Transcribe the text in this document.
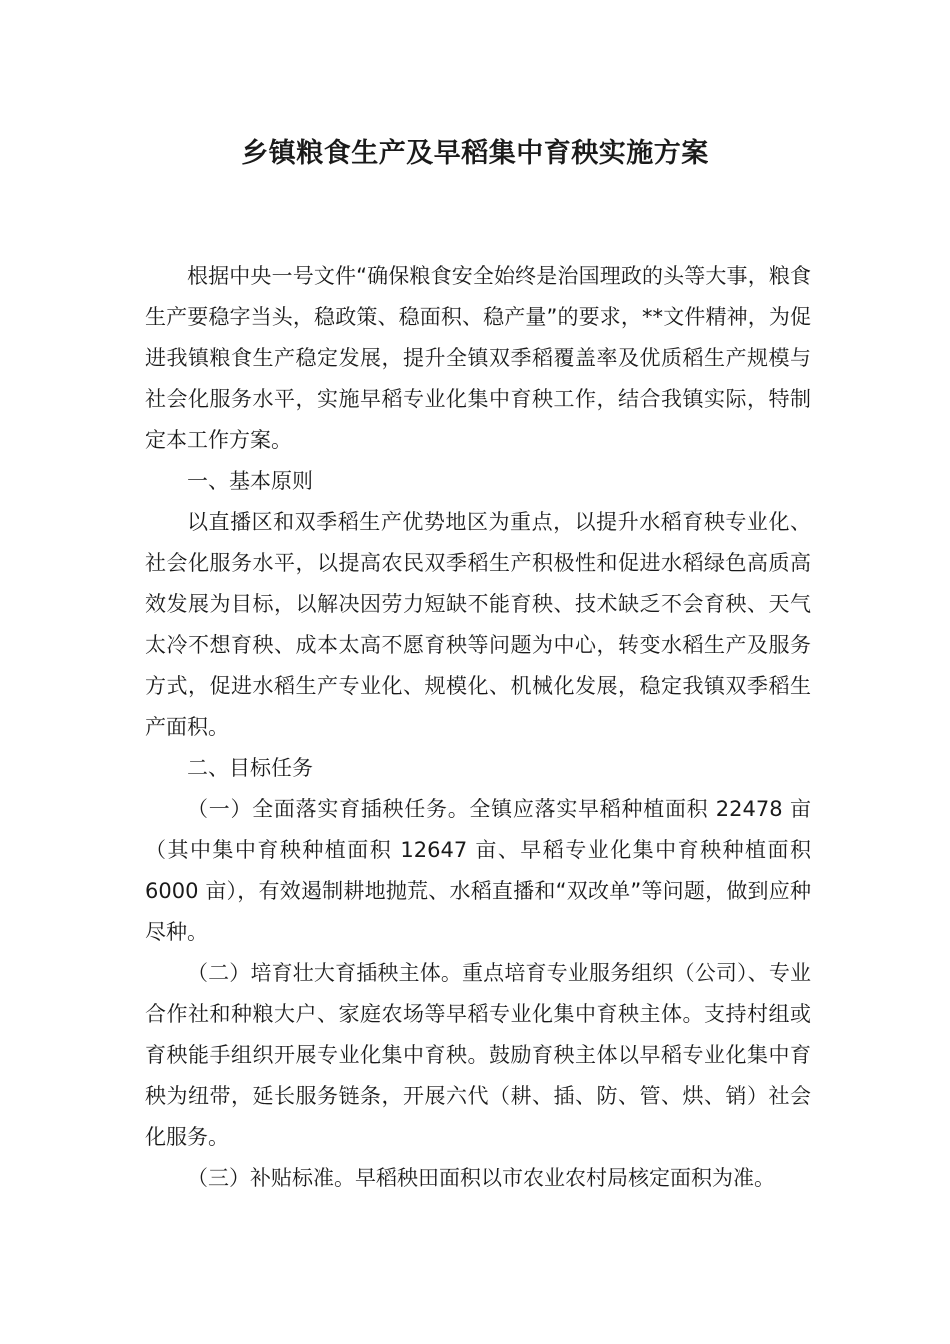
乡镇粮食生产及早稻集中育秧实施方案

根据中央一号文件“确保粮食安全始终是治国理政的头等大事，粮食生产要稳字当头，稳政策、稳面积、稳产量”的要求，**文件精神，为促进我镇粮食生产稳定发展，提升全镇双季稻覆盖率及优质稻生产规模与社会化服务水平，实施早稻专业化集中育秧工作，结合我镇实际，特制定本工作方案。

一、基本原则

以直播区和双季稻生产优势地区为重点，以提升水稻育秧专业化、社会化服务水平，以提高农民双季稻生产积极性和促进水稻绿色高质高效发展为目标，以解决因劳力短缺不能育秧、技术缺乏不会育秧、天气太冷不想育秧、成本太高不愿育秧等问题为中心，转变水稻生产及服务方式，促进水稻生产专业化、规模化、机械化发展，稳定我镇双季稻生产面积。

二、目标任务

（一）全面落实育插秧任务。全镇应落实早稻种植面积 22478 亩（其中集中育秧种植面积 12647 亩、早稻专业化集中育秧种植面积 6000 亩），有效遏制耕地抛荒、水稻直播和“双改单”等问题，做到应种尽种。

（二）培育壮大育插秧主体。重点培育专业服务组织（公司）、专业合作社和种粮大户、家庭农场等早稻专业化集中育秧主体。支持村组或育秧能手组织开展专业化集中育秧。鼓励育秧主体以早稻专业化集中育秧为纽带，延长服务链条，开展六代（耕、插、防、管、烘、销）社会化服务。

（三）补贴标准。早稻秧田面积以市农业农村局核定面积为准。
